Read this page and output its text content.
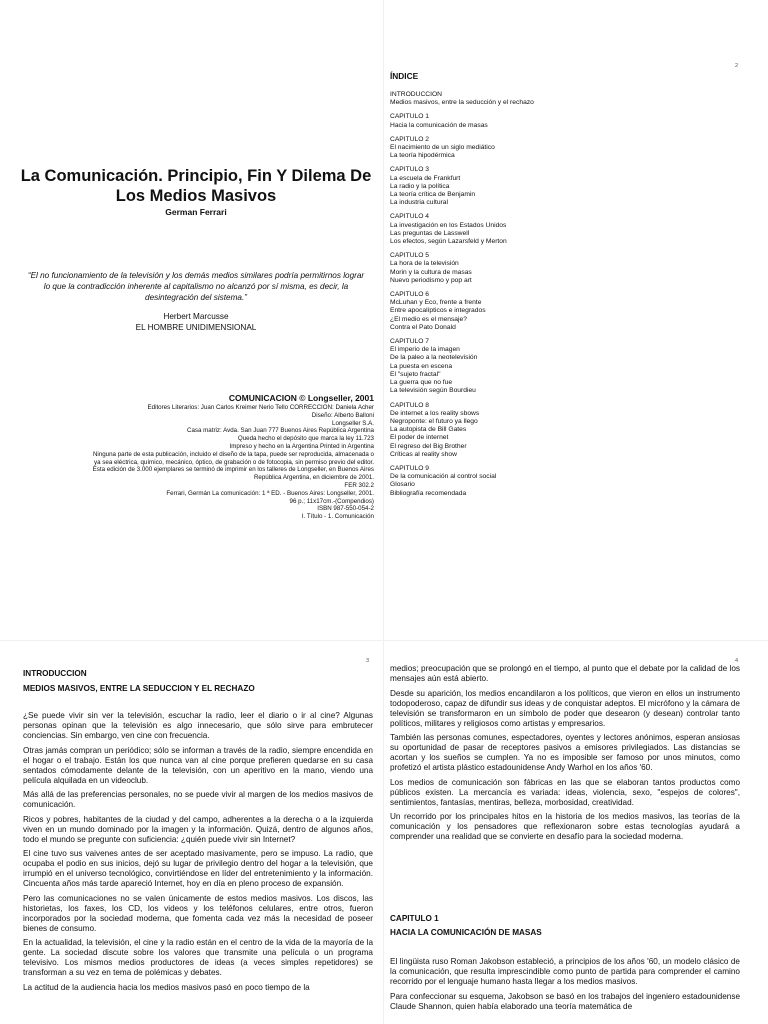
La Comunicación. Principio, Fin Y Dilema De Los Medios Masivos
German Ferrari

“El no funcionamiento de la televisión y los demás medios similares podría permitirnos lograr lo que la contradicción inherente al capitalismo no alcanzó por sí misma, es decir, la desintegración del sistema.”

Herbert Marcusse
EL HOMBRE UNIDIMENSIONAL
COMUNICACION © Longseller, 2001
Editores Literarios: Juan Carlos Kreimer Nerio Tello CORRECCION: Daniela Acher
Diseño: Alberto Balloni
Longseller S.A.
Casa matriz: Avda. San Juan 777 Buenos Aires República Argentina
Queda hecho el depósito que marca la ley 11.723
Impreso y hecho en la Argentina Printed in Argentina
Ninguna parte de esta publicación, incluido el diseño de la tapa, puede ser reproducida, almacenada o
ya sea eléctrica, químico, mecánico, óptico, de grabación o de fotocopia, sin permiso previo del editor.
Esta edición de 3.000 ejemplares se terminó de imprimir en los talleres de Longseller, en Buenos Aires
República Argentina, en diciembre de 2001.
FER 302.2
Ferrari, Germán La comunicación: 1 ª ED. - Buenos Aires: Longseller, 2001.
96 p.; 11x17cm.-(Compendios)
ISBN 987-550-054-2
I. Título - 1. Comunicación
2
ÍNDICE
INTRODUCCION
Medios masivos, entre la seducción y el rechazo
CAPITULO 1
Hacia la comunicación de masas
CAPITULO 2
El nacimiento de un siglo mediático
La teoría hipodérmica
CAPITULO 3
La escuela de Frankfurt
La radio y la política
La teoría crítica de Benjamin
La industria cultural
CAPITULO 4
La investigación en los Estados Unidos
Las preguntas de Lasswell
Los efectos, según Lazarsfeld y Merton
CAPITULO 5
La hora de la televisión
Morin y la cultura de masas
Nuevo periodismo y pop art
CAPITULO 6
McLuhan y Eco, frente a frente
Entre apocalípticos e integrados
¿El medio es el mensaje?
Contra el Pato Donald
CAPITULO 7
El imperio de la imagen
De la paleo a la neotelevisión
La puesta en escena
El "sujeto fractal"
La guerra que no fue
La televisión según Bourdieu
CAPITULO 8
De internet a los reality sbows
Negroponte: el futuro ya llego
La autopista de Bill Gates
El poder de internet
El regreso del Big Brother
Críticas al reality show
CAPITULO 9
De la comunicación al control social
Glosario
Bibliografía recomendada
3
INTRODUCCION
MEDIOS MASIVOS, ENTRE LA SEDUCCION Y EL RECHAZO

¿Se puede vivir sin ver la televisión, escuchar la radio, leer el diario o ir al cine? Algunas personas opinan que la televisión es algo innecesario, que sólo sirve para embrutecer conciencias. Sin embargo, ven cine con frecuencia.

Otras jamás compran un periódico; sólo se informan a través de la radio, siempre encendida en el hogar o el trabajo. Están los que nunca van al cine porque prefieren quedarse en su casa sentados cómodamente delante de la televisión, con un aperitivo en la mano, viendo una película alquilada en un videoclub.

Más allá de las preferencias personales, no se puede vivir al margen de los medios masivos de comunicación.

Ricos y pobres, habitantes de la ciudad y del campo, adherentes a la derecha o a la izquierda viven en un mundo dominado por la imagen y la información. Quizá, dentro de algunos años, todo el mundo se pregunte con suficiencia: ¿quién puede vivir sin Internet?

El cine tuvo sus vaivenes antes de ser aceptado masivamente, pero se impuso. La radio, que ocupaba el podio en sus inicios, dejó su lugar de privilegio dentro del hogar a la televisión, que irrumpió en el universo tecnológico, convirtiéndose en líder del entretenimiento y la información. Cincuenta años más tarde apareció Internet, hoy en día en pleno proceso de expansión.

Pero las comunicaciones no se valen únicamente de estos medios masivos. Los discos, las historietas, los faxes, los CD, los videos y los teléfonos celulares, entre otros, fueron incorporados por la sociedad moderna, que fomenta cada vez más la necesidad de poseer bienes de consumo.

En la actualidad, la televisión, el cine y la radio están en el centro de la vida de la mayoría de la gente. La sociedad discute sobre los valores que transmite una película o un programa televisivo. Los mismos medios productores de ideas (a veces simples repetidores) se transforman a su vez en tema de polémicas y debates.

La actitud de la audiencia hacia los medios masivos pasó en poco tiempo de la

4

medios; preocupación que se prolongó en el tiempo, al punto que el debate por la calidad de los mensajes aún está abierto.

Desde su aparición, los medios encandilaron a los políticos, que vieron en ellos un instrumento todopoderoso, capaz de difundir sus ideas y de conquistar adeptos. El micrófono y la cámara de televisión se transformaron en un símbolo de poder que desearon (y desean) controlar tanto políticos, militares y religiosos como artistas y empresarios.

También las personas comunes, espectadores, oyentes y lectores anónimos, esperan ansiosas su oportunidad de pasar de receptores pasivos a emisores privilegiados. Las distancias se acortan y los sueños se cumplen. Ya no es imposible ser famoso por unos minutos, como profetizó el artista plástico estadounidense Andy Warhol en los años '60.

Los medios de comunicación son fábricas en las que se elaboran tantos productos como públicos existen. La mercancía es variada: ideas, violencia, sexo, "espejos de colores", sentimientos, fantasías, mentiras, belleza, morbosidad, creatividad.

Un recorrido por los principales hitos en la historia de los medios masivos, las teorías de la comunicación y los pensadores que reflexionaron sobre estas tecnologías ayudará a comprender una realidad que se convierte en desafío para la sociedad moderna.

CAPITULO 1
HACIA LA COMUNICACIÓN DE MASAS

El lingüista ruso Roman Jakobson estableció, a principios de los años '60, un modelo clásico de la comunicación, que resulta imprescindible como punto de partida para comprender el camino recorrido por el lenguaje humano hasta llegar a los medios masivos.

Para confeccionar su esquema, Jakobson se basó en los trabajos del ingeniero estadounidense Claude Shannon, quien había elaborado una teoría matemática de
